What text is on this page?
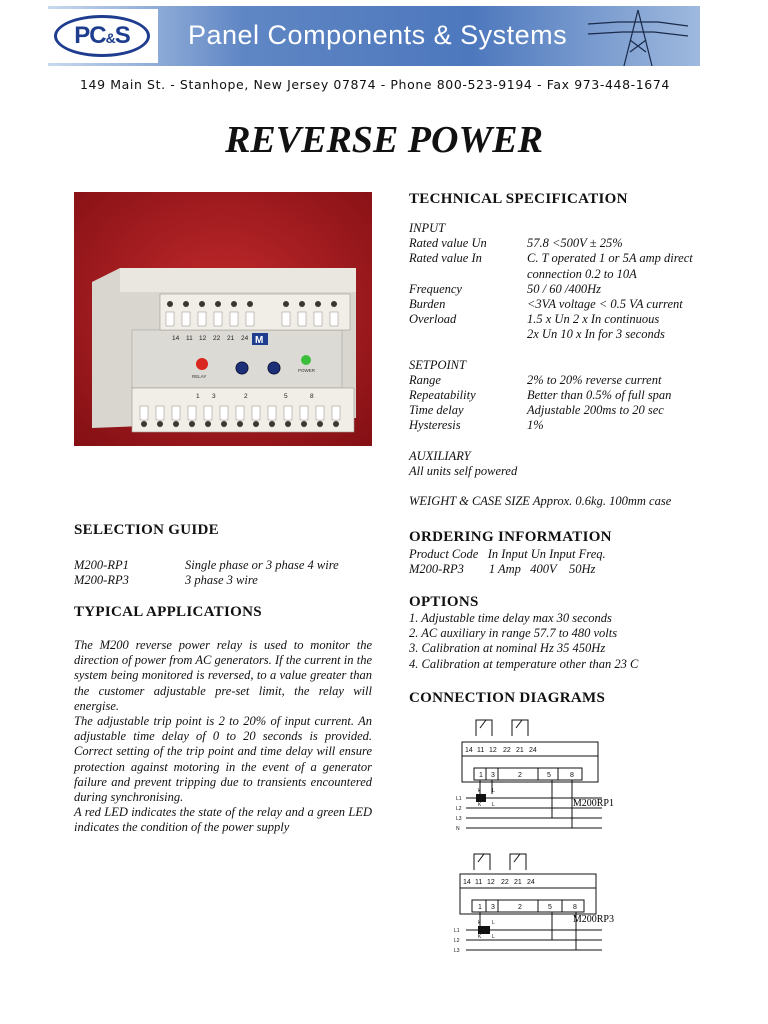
PC&S Panel Components & Systems
149 Main St. - Stanhope, New Jersey 07874 - Phone 800-523-9194 - Fax 973-448-1674
REVERSE POWER
14 11 12 22 21 24 M
RELAY
POWER
1 3	2	5	8
TECHNICAL SPECIFICATION
INPUT
Rated value Un	57.8 <500V ± 25%
Rated value In	C. T operated 1 or 5A amp direct
connection 0.2 to 10A
Frequency	50 / 60 /400Hz
Burden	<3VA voltage < 0.5 VA current
Overload	1.5 x Un 2 x In continuous
2x Un 10 x In for 3 seconds
SETPOINT
Range	2% to 20% reverse current
Repeatability	Better than 0.5% of full span
Time delay	Adjustable 200ms to 20 sec
Hysteresis	1%
AUXILIARY
All units self powered
WEIGHT & CASE SIZE Approx. 0.6kg. 100mm case
SELECTION GUIDE
M200-RP1	Single phase or 3 phase 4 wire
M200-RP3	3 phase 3 wire
TYPICAL APPLICATIONS

The M200 reverse power relay is used to monitor the direction of power from AC generators. If the current in the system being monitored is reversed, to a value greater than the customer adjustable pre-set limit, the relay will energise.

The adjustable trip point is 2 to 20% of input current. An adjustable time delay of 0 to 20 seconds is provided. Correct setting of the trip point and time delay will ensure protection against motoring in the event of a generator failure and prevent tripping due to transients encountered during synchronising.

A red LED indicates the state of the relay and a green LED indicates the condition of the power supply

ORDERING INFORMATION
Product Code   In Input Un Input Freq.
M200-RP3        1 Amp   400V    50Hz
OPTIONS
1. Adjustable time delay max 30 seconds
2. AC auxiliary in range 57.7 to 480 volts
3. Calibration at nominal Hz 35 450Hz
4. Calibration at temperature other than 23 C
CONNECTION DIAGRAMS
14 11 12 22 21 24
1 3	2	5	8
L1
L2
L3
N
k
K
L
L	M200RP1
14 11 12 22 21 24
1 3	2	5	8
L1
L2
L3
k
K
L
L
M200RP3
